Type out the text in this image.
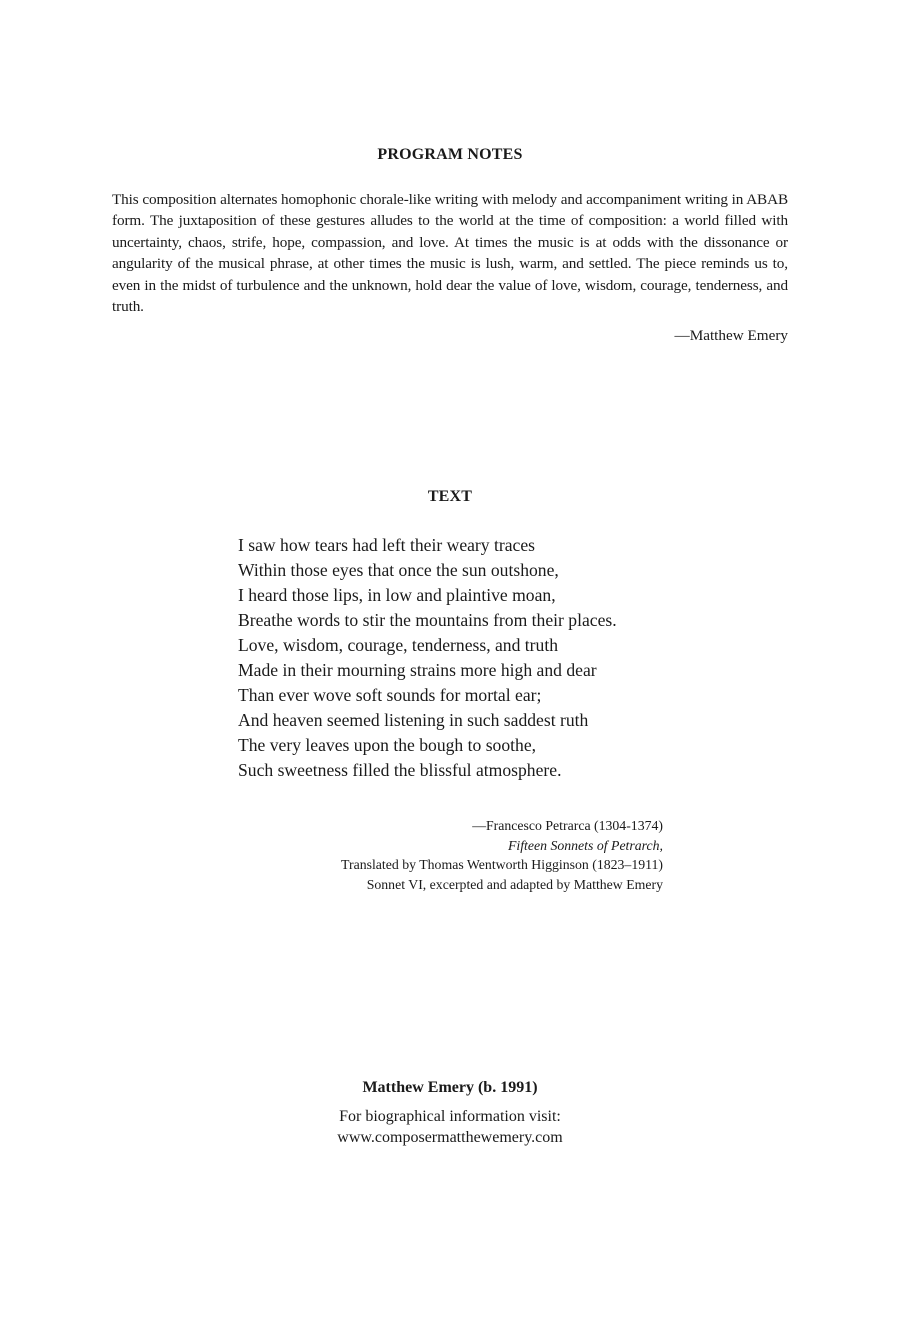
PROGRAM NOTES
This composition alternates homophonic chorale-like writing with melody and accompaniment writing in ABAB form. The juxtaposition of these gestures alludes to the world at the time of composition: a world filled with uncertainty, chaos, strife, hope, compassion, and love. At times the music is at odds with the dissonance or angularity of the musical phrase, at other times the music is lush, warm, and settled. The piece reminds us to, even in the midst of turbulence and the unknown, hold dear the value of love, wisdom, courage, tenderness, and truth.
—Matthew Emery
TEXT
I saw how tears had left their weary traces
Within those eyes that once the sun outshone,
I heard those lips, in low and plaintive moan,
Breathe words to stir the mountains from their places.
Love, wisdom, courage, tenderness, and truth
Made in their mourning strains more high and dear
Than ever wove soft sounds for mortal ear;
And heaven seemed listening in such saddest ruth
The very leaves upon the bough to soothe,
Such sweetness filled the blissful atmosphere.
—Francesco Petrarca (1304-1374)
Fifteen Sonnets of Petrarch,
Translated by Thomas Wentworth Higginson (1823–1911)
Sonnet VI, excerpted and adapted by Matthew Emery
Matthew Emery (b. 1991)
For biographical information visit:
www.composermatthewemery.com
